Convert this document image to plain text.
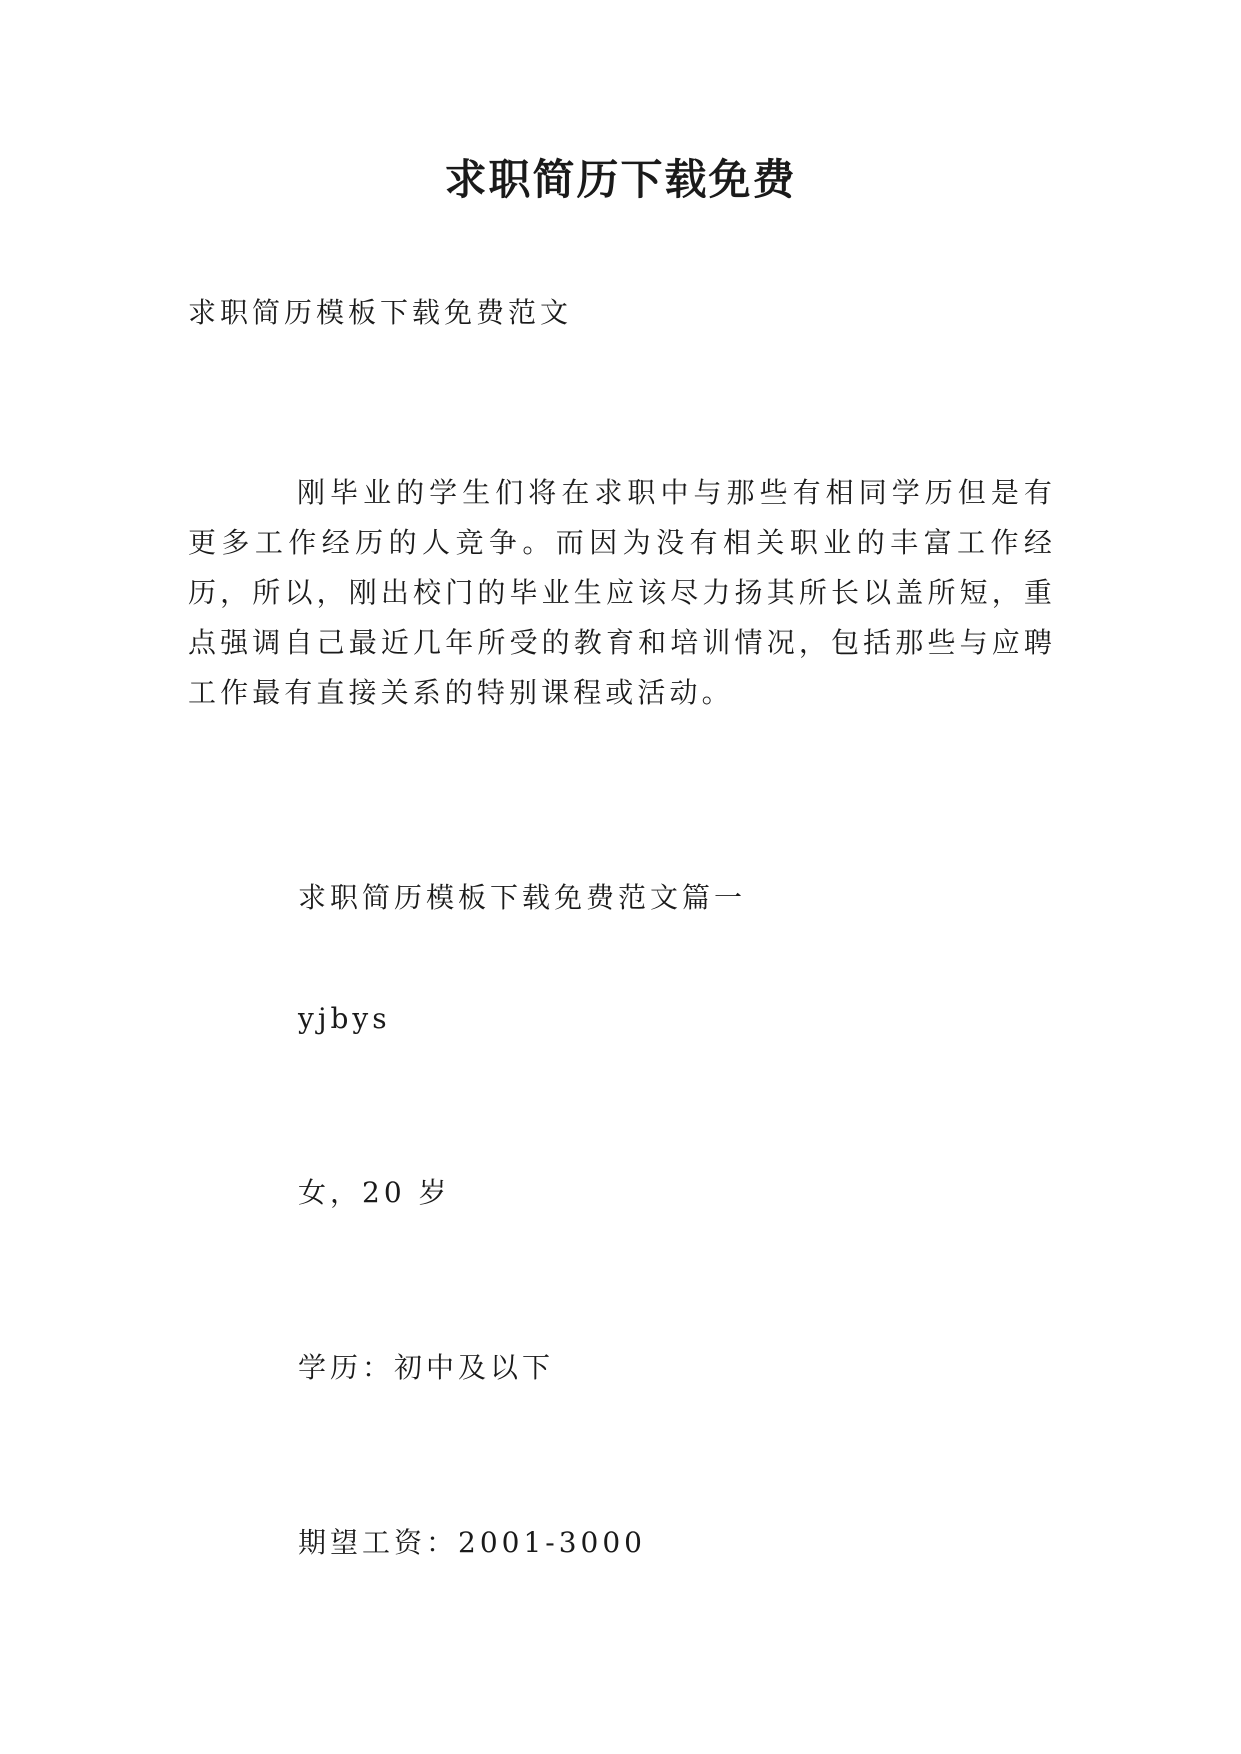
求职简历下载免费

求职简历模板下载免费范文

刚毕业的学生们将在求职中与那些有相同学历但是有更多工作经历的人竞争。而因为没有相关职业的丰富工作经历，所以，刚出校门的毕业生应该尽力扬其所长以盖所短，重点强调自己最近几年所受的教育和培训情况，包括那些与应聘工作最有直接关系的特别课程或活动。

求职简历模板下载免费范文篇一

yjbys

女，20 岁

学历：初中及以下

期望工资：2001-3000
